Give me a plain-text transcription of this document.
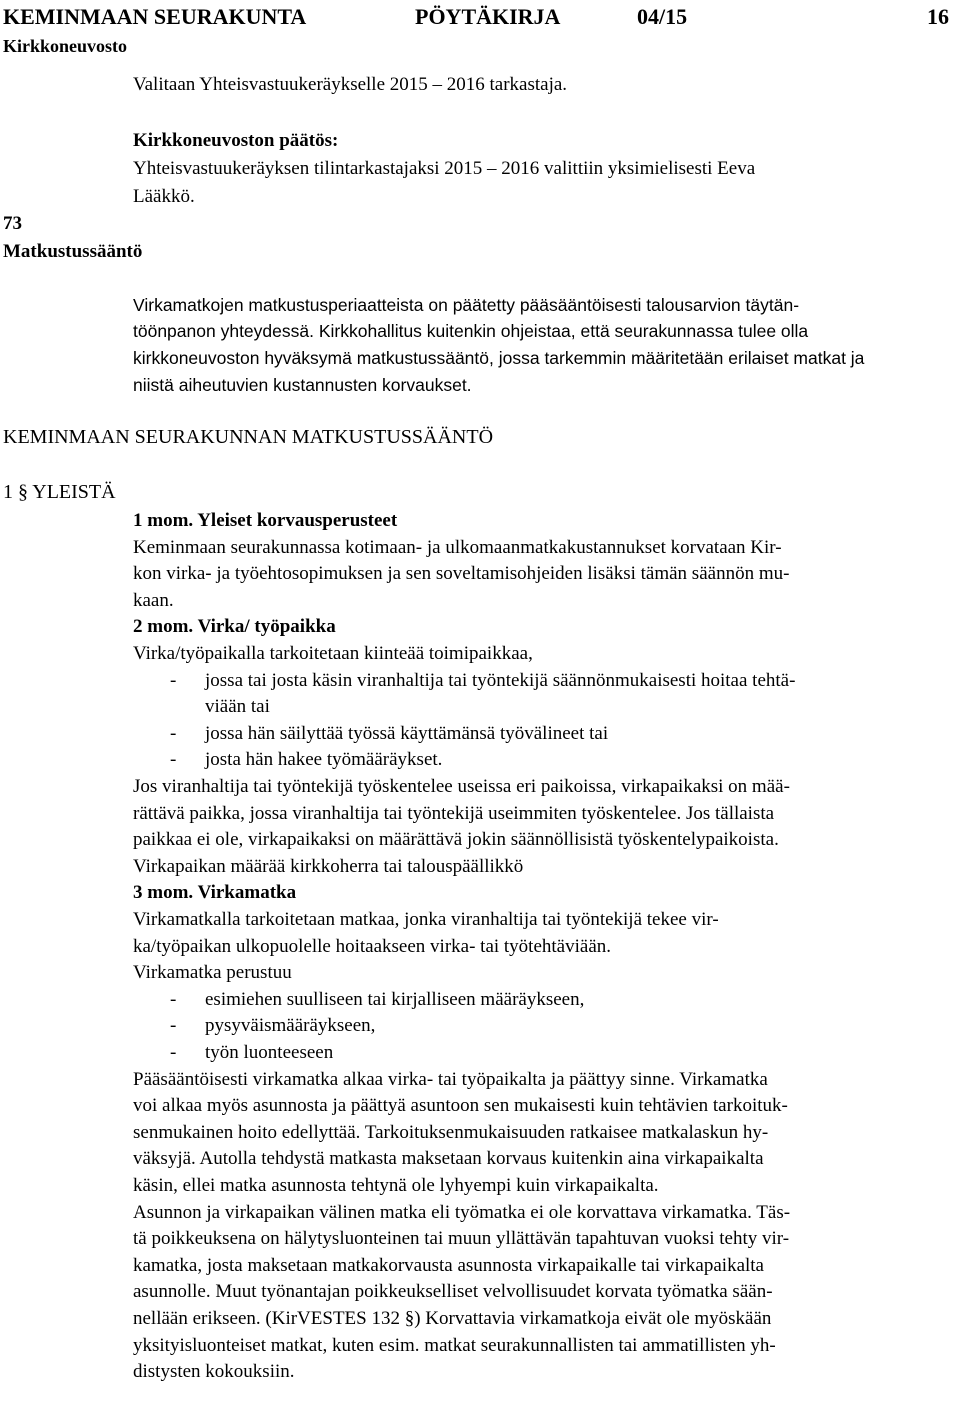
KEMINMAAN SEURAKUNTA	PÖYTÄKIRJA	04/15	16
Kirkkoneuvosto
Valitaan Yhteisvastuukeräykselle 2015 – 2016 tarkastaja.
Kirkkoneuvoston päätös:
Yhteisvastuukeräyksen tilintarkastajaksi 2015 – 2016 valittiin yksimielisesti Eeva
Lääkkö.
73
Matkustussääntö
Virkamatkojen matkustusperiaatteista on päätetty pääsääntöisesti talousarvion täytän-
töönpanon yhteydessä. Kirkkohallitus kuitenkin ohjeistaa, että seurakunnassa tulee olla
kirkkoneuvoston hyväksymä matkustussääntö, jossa tarkemmin määritetään erilaiset matkat ja
niistä aiheutuvien kustannusten korvaukset.
KEMINMAAN SEURAKUNNAN MATKUSTUSSÄÄNTÖ
1 § YLEISTÄ
1 mom. Yleiset korvausperusteet
Keminmaan seurakunnassa kotimaan- ja ulkomaanmatkakustannukset korvataan Kir-
kon virka- ja työehtosopimuksen ja sen soveltamisohjeiden lisäksi tämän säännön mu-
kaan.
2 mom. Virka/ työpaikka
Virka/työpaikalla tarkoitetaan kiinteää toimipaikkaa,
- jossa tai josta käsin viranhaltija tai työntekijä säännönmukaisesti hoitaa tehtä-
viään tai
- jossa hän säilyttää työssä käyttämänsä työvälineet tai
- josta hän hakee työmääräykset.
Jos viranhaltija tai työntekijä työskentelee useissa eri paikoissa, virkapaikaksi on mää-
rättävä paikka, jossa viranhaltija tai työntekijä useimmiten työskentelee. Jos tällaista
paikkaa ei ole, virkapaikaksi on määrättävä jokin säännöllisistä työskentelypaikoista.
Virkapaikan määrää kirkkoherra tai talouspäällikkö
3 mom. Virkamatka
Virkamatkalla tarkoitetaan matkaa, jonka viranhaltija tai työntekijä tekee vir-
ka/työpaikan ulkopuolelle hoitaakseen virka- tai työtehtäviään.
Virkamatka perustuu
- esimiehen suulliseen tai kirjalliseen määräykseen,
- pysyväismääräykseen,
- työn luonteeseen
Pääsääntöisesti virkamatka alkaa virka- tai työpaikalta ja päättyy sinne. Virkamatka
voi alkaa myös asunnosta ja päättyä asuntoon sen mukaisesti kuin tehtävien tarkoituk-
senmukainen hoito edellyttää. Tarkoituksenmukaisuuden ratkaisee matkalaskun hy-
väksyjä. Autolla tehdystä matkasta maksetaan korvaus kuitenkin aina virkapaikalta
käsin, ellei matka asunnosta tehtynä ole lyhyempi kuin virkapaikalta.
Asunnon ja virkapaikan välinen matka eli työmatka ei ole korvattava virkamatka. Täs-
tä poikkeuksena on hälytysluonteinen tai muun yllättävän tapahtuvan vuoksi tehty vir-
kamatka, josta maksetaan matkakorvausta asunnosta virkapaikalle tai virkapaikalta
asunnolle. Muut työnantajan poikkeukselliset velvollisuudet korvata työmatka sään-
nellään erikseen. (KirVESTES 132 §) Korvattavia virkamatkoja eivät ole myöskään
yksityisluonteiset matkat, kuten esim. matkat seurakunnallisten tai ammatillisten yh-
distysten kokouksiin.
